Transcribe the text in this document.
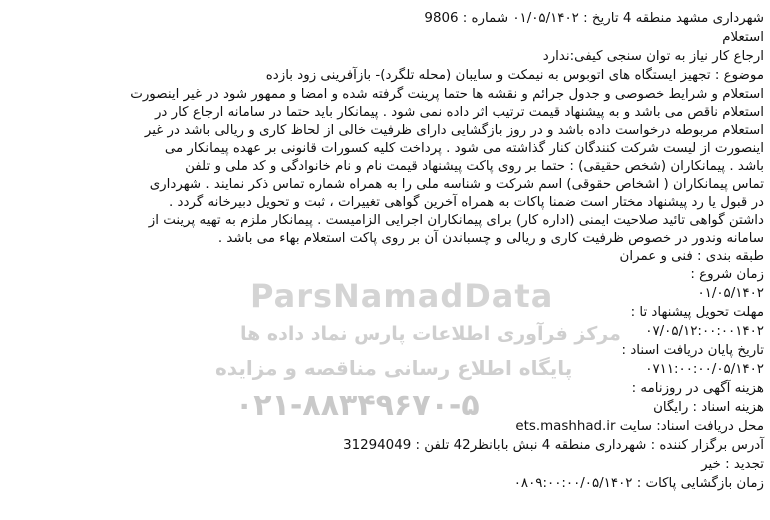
ParsNamadData
مرکز فرآوری اطلاعات پارس نماد داده ها
پایگاه اطلاع رسانی مناقصه و مزایده
۰۲۱-۸۸۳۴۹۶۷۰-۵
شهرداری مشهد منطقه 4 تاریخ : ۰۱/۰۵/۱۴۰۲ شماره : 9806
استعلام
ارجاع کار نیاز به توان سنجی کیفی:ندارد
موضوع : تجهیز ایستگاه های اتوبوس به نیمکت و سایبان (محله تلگرد)- بازآفرینی زود بازده
استعلام و شرایط خصوصی و جدول جرائم و نقشه ها حتما پرینت گرفته شده و امضا و ممهور شود در غیر اینصورت
استعلام ناقص می باشد و به پیشنهاد قیمت ترتیب اثر داده نمی شود . پیمانکار باید حتما در سامانه ارجاع کار در
استعلام مربوطه درخواست داده باشد و در روز بازگشایی دارای ظرفیت خالی از لحاظ کاری و ریالی باشد در غیر
اینصورت از لیست شرکت کنندگان کنار گذاشته می شود . پرداخت کلیه کسورات قانونی بر عهده پیمانکار می
باشد . پیمانکاران (شخص حقیقی) : حتما بر روی پاکت پیشنهاد قیمت نام و نام خانوادگی و کد ملی و تلفن
تماس پیمانکاران ( اشخاص حقوقی) اسم شرکت و شناسه ملی را به همراه شماره تماس ذکر نمایند . شهرداری
در قبول یا رد پیشنهاد مختار است ضمنا پاکات به همراه آخرین گواهی تغییرات ، ثبت و تحویل دبیرخانه گردد .
داشتن گواهی تائید صلاحیت ایمنی (اداره کار) برای پیمانکاران اجرایی الزامیست . پیمانکار ملزم به تهیه پرینت از
سامانه وندور در خصوص ظرفیت کاری و ریالی و چسباندن آن بر روی پاکت استعلام بهاء می باشد .
طبقه بندی : فنی و عمران
زمان شروع :
۰۱/۰۵/۱۴۰۲
مهلت تحویل پیشنهاد تا :
۰۷/۰۵/۱۲:۰۰:۰۰۱۴۰۲
تاریخ پایان دریافت اسناد :
۰۷۱۱:۰۰:۰۰/۰۵/۱۴۰۲
هزینه آگهی در روزنامه :
هزینه اسناد : رایگان
محل دریافت اسناد: سایت ets.mashhad.ir
آدرس برگزار کننده : شهرداری منطقه 4 نبش بابانظر42 تلفن : 31294049
تجدید : خیر
زمان بازگشایی پاکات : ۰۸۰۹:۰۰:۰۰/۰۵/۱۴۰۲
